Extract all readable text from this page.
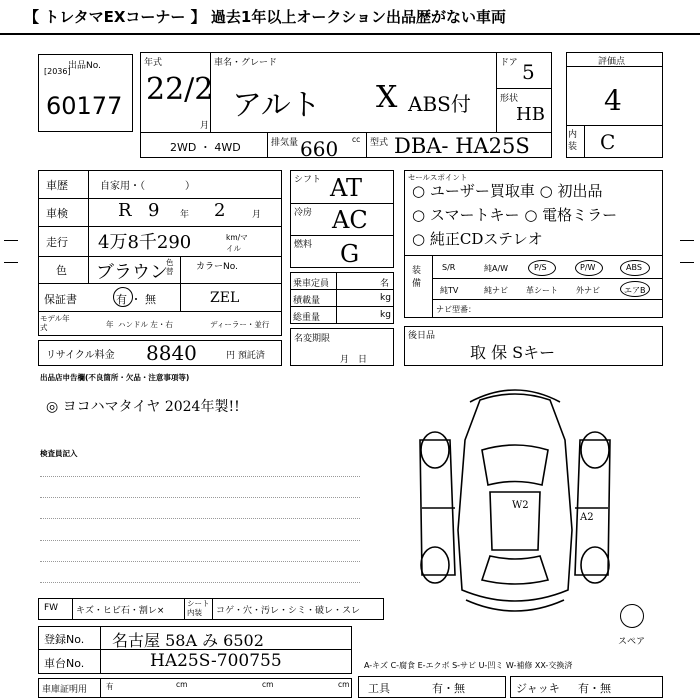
【 トレタマEXコーナー 】 過去1年以上オークション出品歴がない車両
出品No.
[2036]
60177
年式
22/2
月
車名・グレード
アルト X ABS付
ドア 5
形状
HB
2WD ・ 4WD	排気量 660 cc 型式 DBA- HA25S
評価点
4
内装 C
車歴	自家用・（　　　　）
車検	R 9 年 2	月
走行 4万8千290	km/マイル
色 ブラウン
色替	カラーNo.
保証書	有 ・ 無	ZEL
モデル年式	年 ハンドル 左・右	ディーラー・並行
リサイクル料金 8840	円 預託済
シフト AT
冷房 AC
燃料 G
乗車定員	名
積載量	kg
総重量	kg
名変期限
月　日
セールスポイント
○ ユーザー買取車 ○ 初出品
○ スマートキー ○ 電格ミラー
○ 純正CDステレオ
装備
S/R	純A/W	P/S	P/W	ABS
純TV	純ナビ 革シート 外ナビ	エアB
ナビ型番：
後日品
取 保 Sキー
出品店申告欄(不良箇所・欠品・注意事項等)
◎ ヨコハマタイヤ 2024年製!!
検査員記入
W2
A2
スペア
FW キズ・ヒビ石・割レ×
シート内装	コゲ・穴・汚レ・シミ・破レ・スレ
登録No. 名古屋 58A み 6502
車台No.	HA25S-700755	A-キズ C-腐食 E-エクボ S-サビ U-凹ミ W-補修 XX-交換済
車庫証明用	有	cm	cm	cm 工具	有・無	ジャッキ 有・無
